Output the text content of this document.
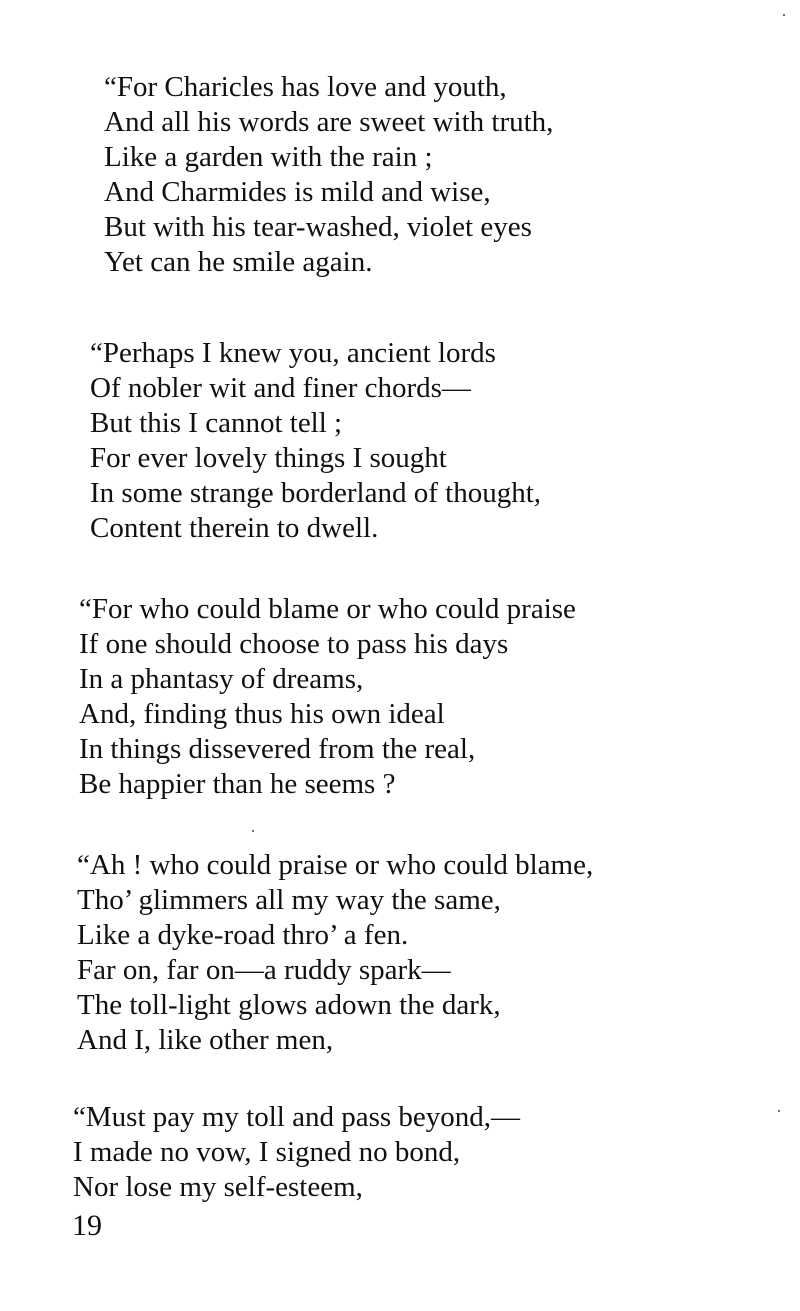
“For Charicles has love and youth,
And all his words are sweet with truth,
Like a garden with the rain ;
And Charmides is mild and wise,
But with his tear-washed, violet eyes
Yet can he smile again.
“Perhaps I knew you, ancient lords
Of nobler wit and finer chords—
But this I cannot tell ;
For ever lovely things I sought
In some strange borderland of thought,
Content therein to dwell.
“For who could blame or who could praise
If one should choose to pass his days
In a phantasy of dreams,
And, finding thus his own ideal
In things dissevered from the real,
Be happier than he seems ?
“Ah ! who could praise or who could blame,
Tho’ glimmers all my way the same,
Like a dyke-road thro’ a fen.
Far on, far on—a ruddy spark—
The toll-light glows adown the dark,
And I, like other men,
“Must pay my toll and pass beyond,—
I made no vow, I signed no bond,
Nor lose my self-esteem,
19
